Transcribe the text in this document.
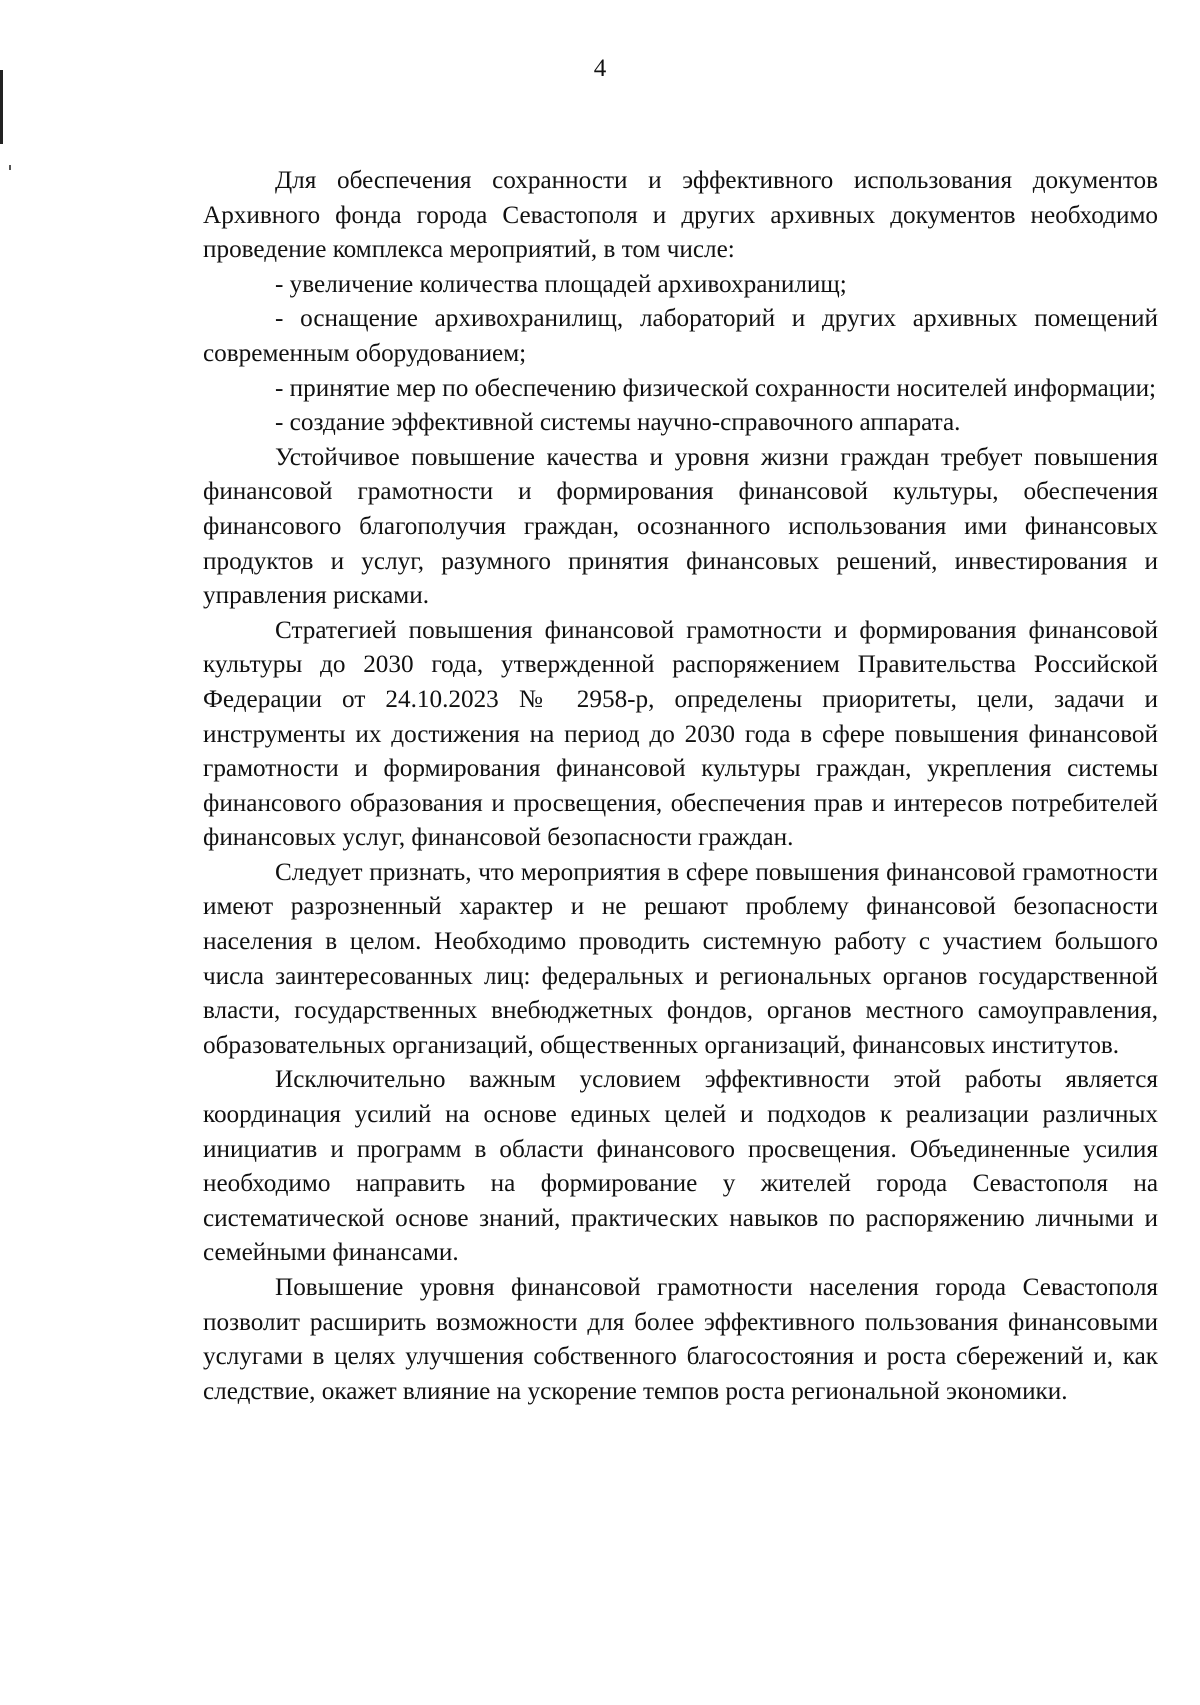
4

Для обеспечения сохранности и эффективного использования документов Архивного фонда города Севастополя и других архивных документов необходимо проведение комплекса мероприятий, в том числе:

- увеличение количества площадей архивохранилищ;

- оснащение архивохранилищ, лабораторий и других архивных помещений современным оборудованием;

- принятие мер по обеспечению физической сохранности носителей информации;

- создание эффективной системы научно-справочного аппарата.

Устойчивое повышение качества и уровня жизни граждан требует повышения финансовой грамотности и формирования финансовой культуры, обеспечения финансового благополучия граждан, осознанного использования ими финансовых продуктов и услуг, разумного принятия финансовых решений, инвестирования и управления рисками.

Стратегией повышения финансовой грамотности и формирования финансовой культуры до 2030 года, утвержденной распоряжением Правительства Российской Федерации от 24.10.2023 № 2958-р, определены приоритеты, цели, задачи и инструменты их достижения на период до 2030 года в сфере повышения финансовой грамотности и формирования финансовой культуры граждан, укрепления системы финансового образования и просвещения, обеспечения прав и интересов потребителей финансовых услуг, финансовой безопасности граждан.

Следует признать, что мероприятия в сфере повышения финансовой грамотности имеют разрозненный характер и не решают проблему финансовой безопасности населения в целом. Необходимо проводить системную работу с участием большого числа заинтересованных лиц: федеральных и региональных органов государственной власти, государственных внебюджетных фондов, органов местного самоуправления, образовательных организаций, общественных организаций, финансовых институтов.

Исключительно важным условием эффективности этой работы является координация усилий на основе единых целей и подходов к реализации различных инициатив и программ в области финансового просвещения. Объединенные усилия необходимо направить на формирование у жителей города Севастополя на систематической основе знаний, практических навыков по распоряжению личными и семейными финансами.

Повышение уровня финансовой грамотности населения города Севастополя позволит расширить возможности для более эффективного пользования финансовыми услугами в целях улучшения собственного благосостояния и роста сбережений и, как следствие, окажет влияние на ускорение темпов роста региональной экономики.
